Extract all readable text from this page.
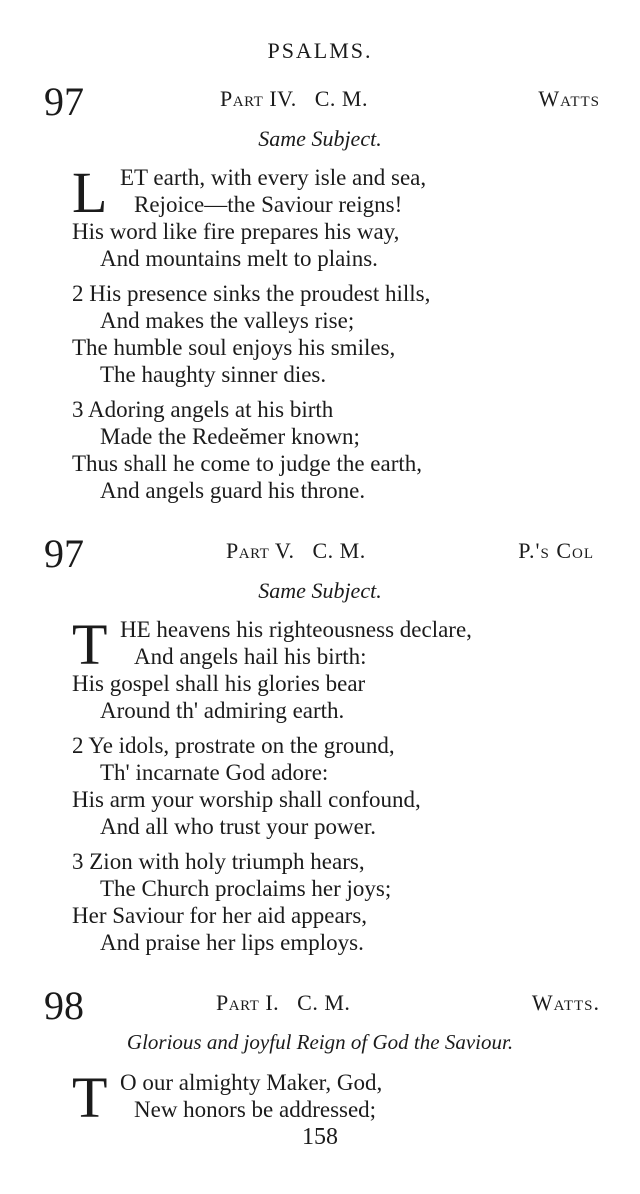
PSALMS.
97	Part IV. C. M.	Watts
Same Subject.
L ET earth, with every isle and sea,
Rejoice—the Saviour reigns!
His word like fire prepares his way,
And mountains melt to plains.
2 His presence sinks the proudest hills,
And makes the valleys rise;
The humble soul enjoys his smiles,
The haughty sinner dies.
3 Adoring angels at his birth
Made the Redeĕmer known;
Thus shall he come to judge the earth,
And angels guard his throne.
97	Part V. C. M.	P.'s Col
Same Subject.
T HE heavens his righteousness declare,
And angels hail his birth:
His gospel shall his glories bear
Around th' admiring earth.
2 Ye idols, prostrate on the ground,
Th' incarnate God adore:
His arm your worship shall confound,
And all who trust your power.
3 Zion with holy triumph hears,
The Church proclaims her joys;
Her Saviour for her aid appears,
And praise her lips employs.
98	Part I. C. M.	Watts.
Glorious and joyful Reign of God the Saviour.
T O our almighty Maker, God,
New honors be addressed;
158
